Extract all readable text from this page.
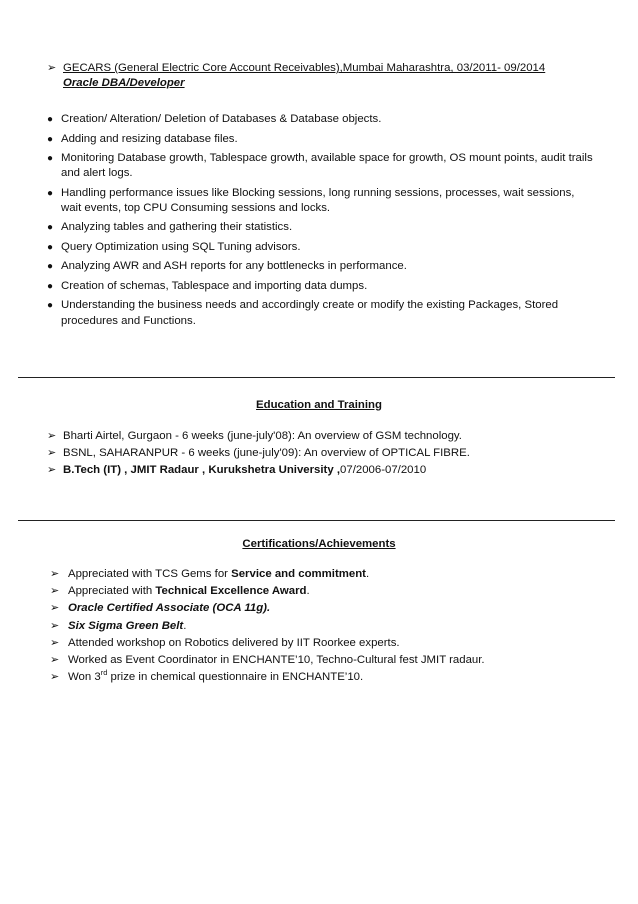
➢ GECARS (General Electric Core Account Receivables),Mumbai Maharashtra, 03/2011- 09/2014
Oracle DBA/Developer
● Creation/ Alteration/ Deletion of Databases & Database objects.
● Adding and resizing database files.
● Monitoring Database growth, Tablespace growth, available space for growth, OS mount points, audit trails and alert logs.
● Handling performance issues like Blocking sessions, long running sessions, processes, wait sessions, wait events, top CPU Consuming sessions and locks.
● Analyzing tables and gathering their statistics.
● Query Optimization using SQL Tuning advisors.
● Analyzing AWR and ASH reports for any bottlenecks in performance.
● Creation of schemas, Tablespace and importing data dumps.
● Understanding the business needs and accordingly create or modify the existing Packages, Stored procedures and Functions.
Education and Training
➢ Bharti Airtel, Gurgaon - 6 weeks (june-july'08): An overview of GSM technology.
➢ BSNL, SAHARANPUR - 6 weeks (june-july'09): An overview of OPTICAL FIBRE.
➢ B.Tech (IT) , JMIT Radaur , Kurukshetra University ,07/2006-07/2010
Certifications/Achievements
➢ Appreciated with TCS Gems for Service and commitment.
➢ Appreciated with Technical Excellence Award.
➢ Oracle Certified Associate (OCA 11g).
➢ Six Sigma Green Belt.
➢ Attended workshop on Robotics delivered by IIT Roorkee experts.
➢ Worked as Event Coordinator in ENCHANTE’10, Techno-Cultural fest JMIT radaur.
➢ Won 3rd prize in chemical questionnaire in ENCHANTE’10.
